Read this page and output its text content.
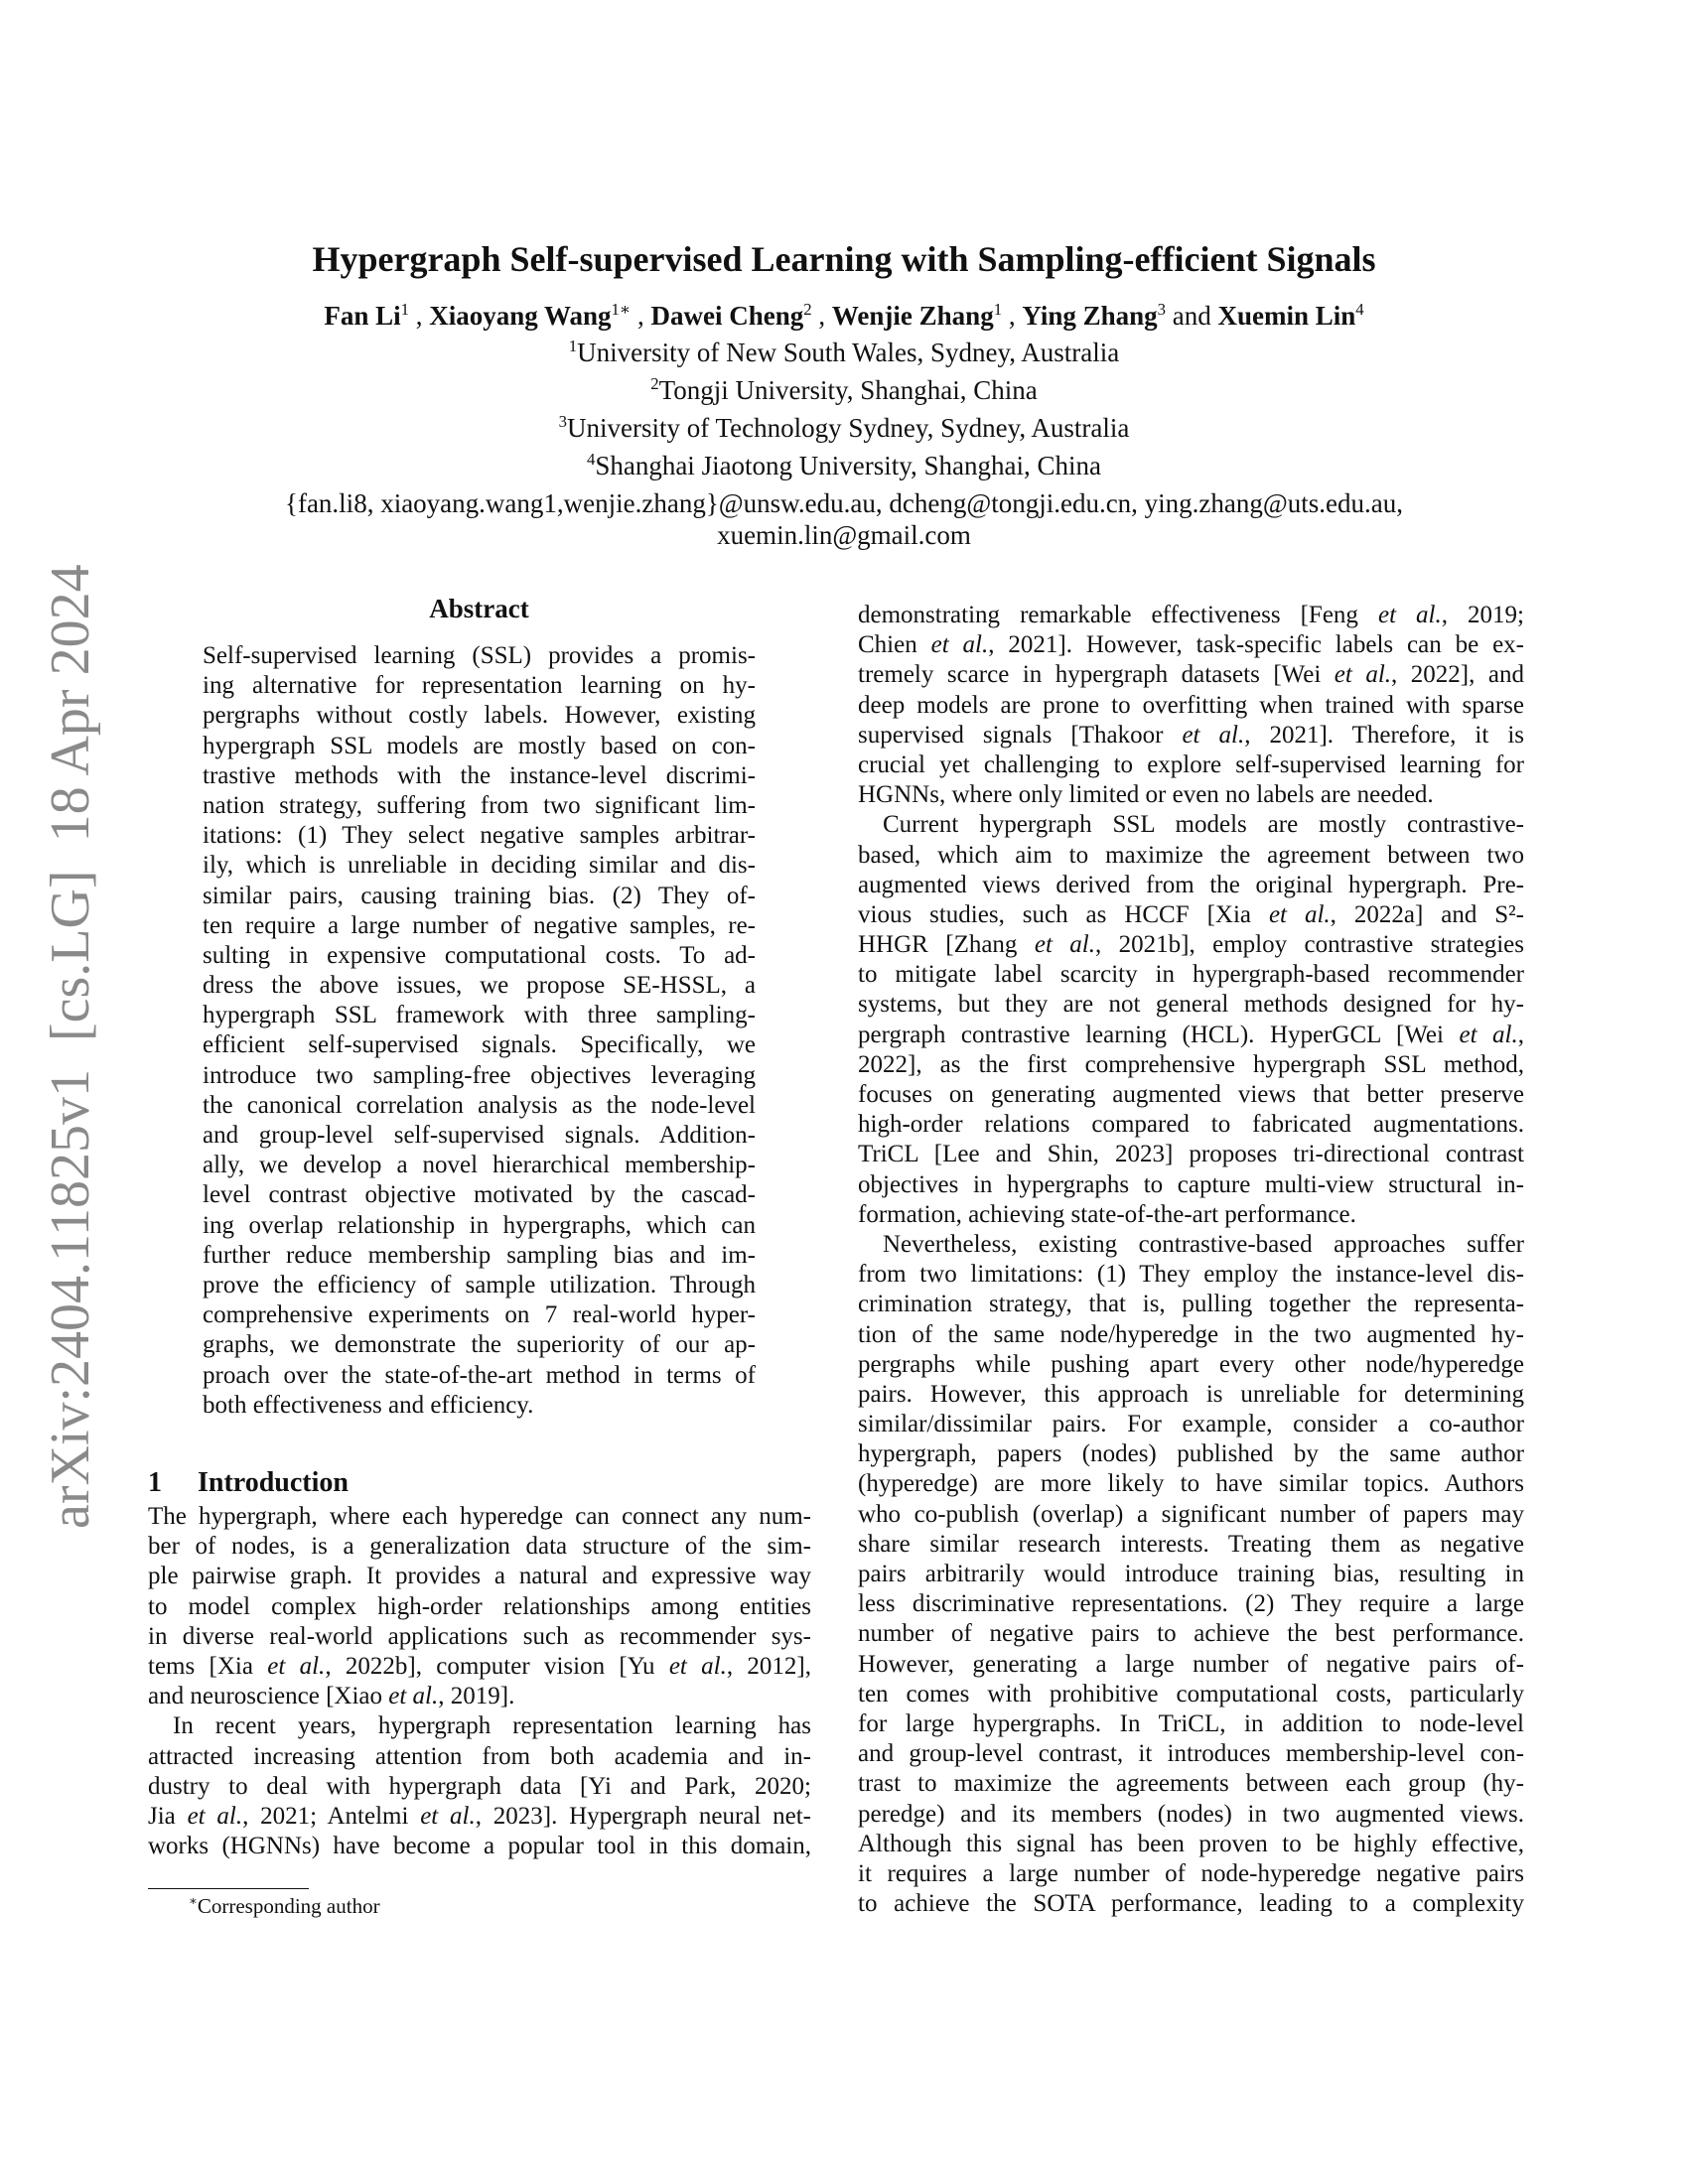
arXiv:2404.11825v1  [cs.LG]  18 Apr 2024
Hypergraph Self-supervised Learning with Sampling-efficient Signals
Fan Li$^1$ , Xiaoyang Wang$^{1∗}$ , Dawei Cheng$^2$ , Wenjie Zhang$^1$ , Ying Zhang$^3$ and Xuemin Lin$^4$
$^1$University of New South Wales, Sydney, Australia
$^2$Tongji University, Shanghai, China
$^3$University of Technology Sydney, Sydney, Australia
$^4$Shanghai Jiaotong University, Shanghai, China
{fan.li8, xiaoyang.wang1,wenjie.zhang}@unsw.edu.au, dcheng@tongji.edu.cn, ying.zhang@uts.edu.au,
xuemin.lin@gmail.com
Abstract
Self-supervised learning (SSL) provides a promis-
ing alternative for representation learning on hy-
pergraphs without costly labels. However, existing
hypergraph SSL models are mostly based on con-
trastive methods with the instance-level discrimi-
nation strategy, suffering from two significant lim-
itations: (1) They select negative samples arbitrar-
ily, which is unreliable in deciding similar and dis-
similar pairs, causing training bias. (2) They of-
ten require a large number of negative samples, re-
sulting in expensive computational costs. To ad-
dress the above issues, we propose SE-HSSL, a
hypergraph SSL framework with three sampling-
efficient self-supervised signals. Specifically, we
introduce two sampling-free objectives leveraging
the canonical correlation analysis as the node-level
and group-level self-supervised signals. Addition-
ally, we develop a novel hierarchical membership-
level contrast objective motivated by the cascad-
ing overlap relationship in hypergraphs, which can
further reduce membership sampling bias and im-
prove the efficiency of sample utilization. Through
comprehensive experiments on 7 real-world hyper-
graphs, we demonstrate the superiority of our ap-
proach over the state-of-the-art method in terms of
both effectiveness and efficiency.
1 Introduction
The hypergraph, where each hyperedge can connect any num-
ber of nodes, is a generalization data structure of the sim-
ple pairwise graph. It provides a natural and expressive way
to model complex high-order relationships among entities
in diverse real-world applications such as recommender sys-
tems [Xia et al., 2022b], computer vision [Yu et al., 2012],
and neuroscience [Xiao et al., 2019].
In recent years, hypergraph representation learning has
attracted increasing attention from both academia and in-
dustry to deal with hypergraph data [Yi and Park, 2020;
Jia et al., 2021; Antelmi et al., 2023]. Hypergraph neural net-
works (HGNNs) have become a popular tool in this domain,
demonstrating remarkable effectiveness [Feng et al., 2019;
Chien et al., 2021]. However, task-specific labels can be ex-
tremely scarce in hypergraph datasets [Wei et al., 2022], and
deep models are prone to overfitting when trained with sparse
supervised signals [Thakoor et al., 2021]. Therefore, it is
crucial yet challenging to explore self-supervised learning for
HGNNs, where only limited or even no labels are needed.
Current hypergraph SSL models are mostly contrastive-
based, which aim to maximize the agreement between two
augmented views derived from the original hypergraph. Pre-
vious studies, such as HCCF [Xia et al., 2022a] and S²-
HHGR [Zhang et al., 2021b], employ contrastive strategies
to mitigate label scarcity in hypergraph-based recommender
systems, but they are not general methods designed for hy-
pergraph contrastive learning (HCL). HyperGCL [Wei et al.,
2022], as the first comprehensive hypergraph SSL method,
focuses on generating augmented views that better preserve
high-order relations compared to fabricated augmentations.
TriCL [Lee and Shin, 2023] proposes tri-directional contrast
objectives in hypergraphs to capture multi-view structural in-
formation, achieving state-of-the-art performance.
Nevertheless, existing contrastive-based approaches suffer
from two limitations: (1) They employ the instance-level dis-
crimination strategy, that is, pulling together the representa-
tion of the same node/hyperedge in the two augmented hy-
pergraphs while pushing apart every other node/hyperedge
pairs. However, this approach is unreliable for determining
similar/dissimilar pairs. For example, consider a co-author
hypergraph, papers (nodes) published by the same author
(hyperedge) are more likely to have similar topics. Authors
who co-publish (overlap) a significant number of papers may
share similar research interests. Treating them as negative
pairs arbitrarily would introduce training bias, resulting in
less discriminative representations. (2) They require a large
number of negative pairs to achieve the best performance.
However, generating a large number of negative pairs of-
ten comes with prohibitive computational costs, particularly
for large hypergraphs. In TriCL, in addition to node-level
and group-level contrast, it introduces membership-level con-
trast to maximize the agreements between each group (hy-
peredge) and its members (nodes) in two augmented views.
Although this signal has been proven to be highly effective,
it requires a large number of node-hyperedge negative pairs
to achieve the SOTA performance, leading to a complexity
∗Corresponding author
